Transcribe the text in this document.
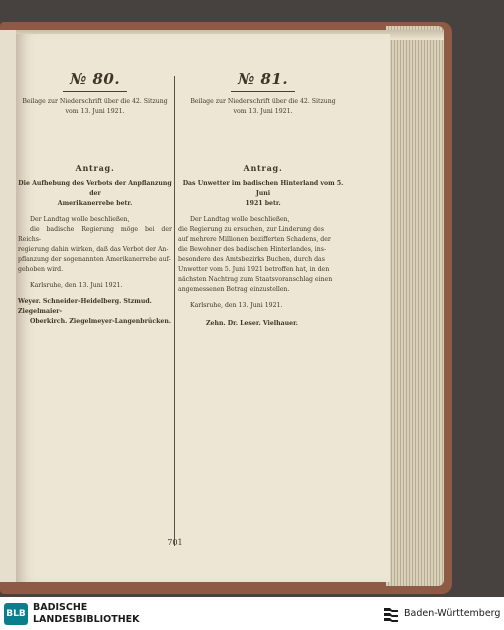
№ 80.

Beilage zur Niederschrift über die 42. Sitzung

vom 13. Juni 1921.

Antrag.

Die Aufhebung des Verbots der Anpflanzung der

Amerikanerrebe betr.

Der Landtag wolle beschließen,

die badische Regierung möge bei der Reichs-

regierung dahin wirken, daß das Verbot der An-

pflanzung der sogenannten Amerikanerrebe auf-

gehoben wird.

Karlsruhe, den 13. Juni 1921.

Weyer. Schneider-Heidelberg. Stzmud. Ziegelmaier-

Oberkirch. Ziegelmeyer-Langenbrücken.

№ 81.

Beilage zur Niederschrift über die 42. Sitzung

vom 13. Juni 1921.

Antrag.

Das Unwetter im badischen Hinterland vom 5. Juni

1921 betr.

Der Landtag wolle beschließen,

die Regierung zu ersuchen, zur Linderung des

auf mehrere Millionen bezifferten Schadens, der

die Bewohner des badischen Hinterlandes, ins-

besondere des Amtsbezirks Buchen, durch das

Unwetter vom 5. Juni 1921 betroffen hat, in den

nächsten Nachtrag zum Staatsvoranschlag einen

angemessenen Betrag einzustellen.

Karlsruhe, den 13. Juni 1921.

Zehn. Dr. Leser. Vielhauer.

701
BLB
BADISCHE
LANDESBIBLIOTHEK
Baden-Württemberg
